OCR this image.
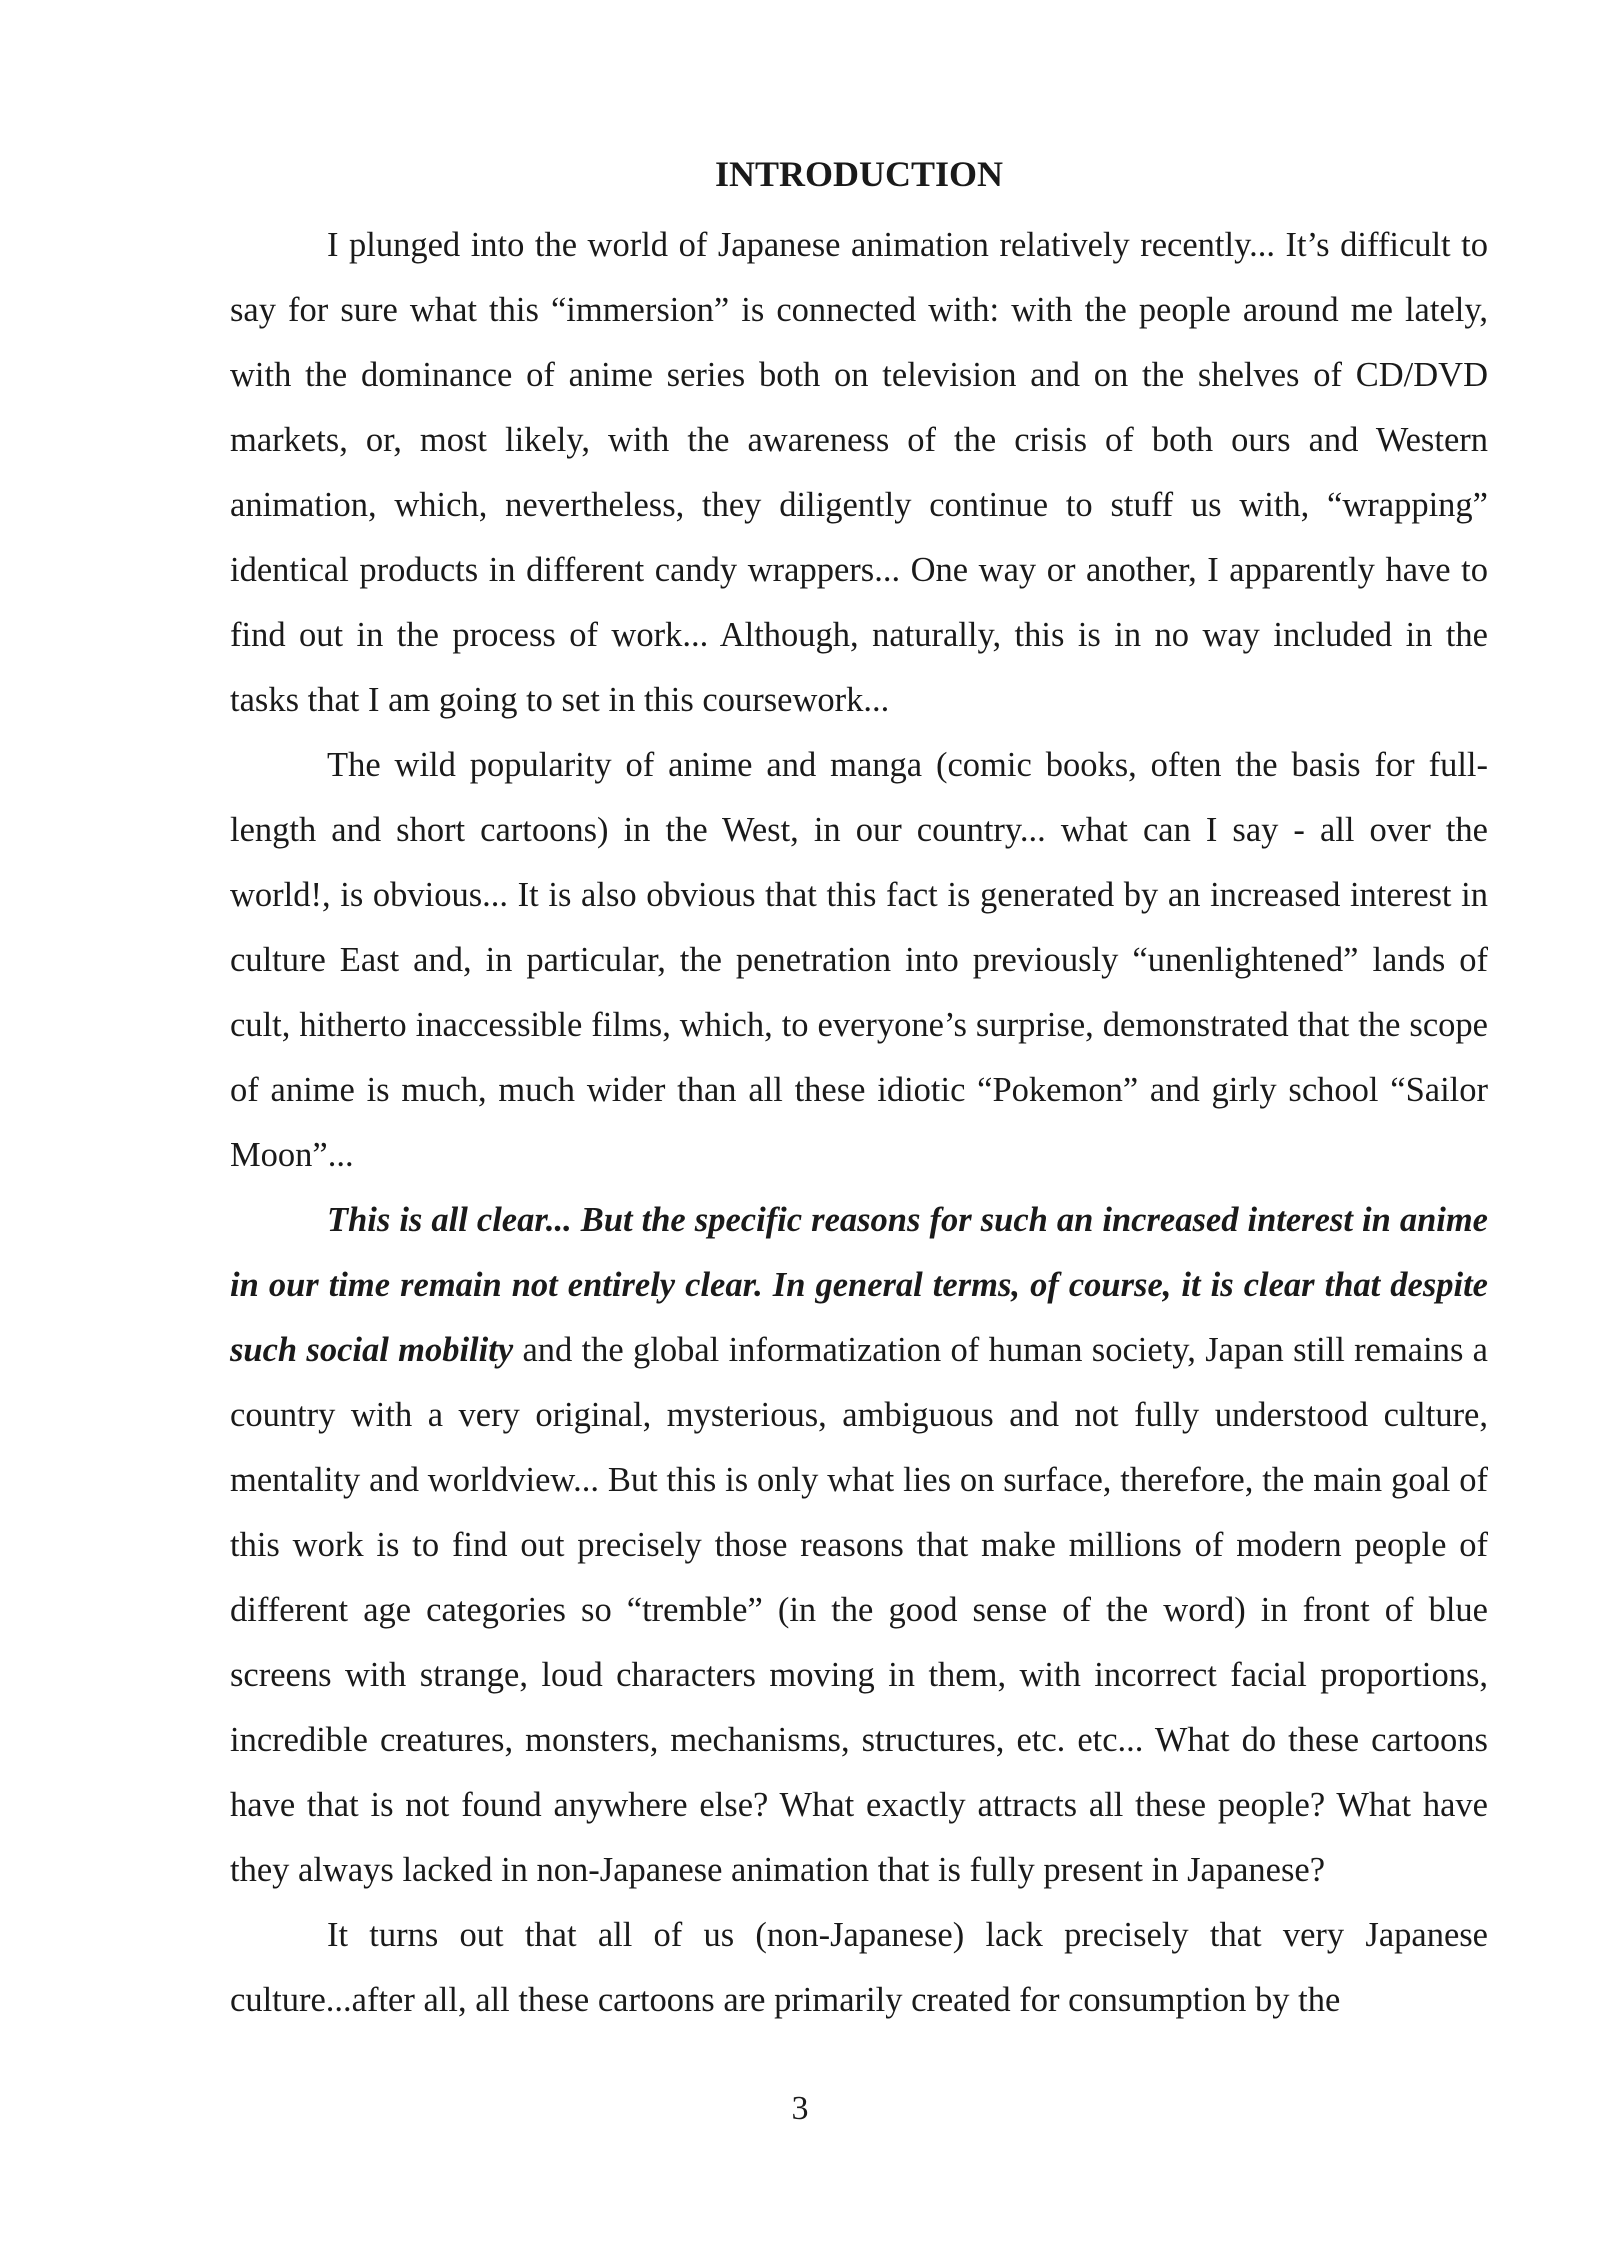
INTRODUCTION

I plunged into the world of Japanese animation relatively recently... It’s difficult to say for sure what this “immersion” is connected with: with the people around me lately, with the dominance of anime series both on television and on the shelves of CD/DVD markets, or, most likely, with the awareness of the crisis of both ours and Western animation, which, nevertheless, they diligently continue to stuff us with, “wrapping” identical products in different candy wrappers... One way or another, I apparently have to find out in the process of work... Although, naturally, this is in no way included in the tasks that I am going to set in this coursework...

The wild popularity of anime and manga (comic books, often the basis for full-length and short cartoons) in the West, in our country... what can I say - all over the world!, is obvious... It is also obvious that this fact is generated by an increased interest in culture East and, in particular, the penetration into previously “unenlightened” lands of cult, hitherto inaccessible films, which, to everyone’s surprise, demonstrated that the scope of anime is much, much wider than all these idiotic “Pokemon” and girly school “Sailor Moon”...

This is all clear... But the specific reasons for such an increased interest in anime in our time remain not entirely clear. In general terms, of course, it is clear that despite such social mobility and the global informatization of human society, Japan still remains a country with a very original, mysterious, ambiguous and not fully understood culture, mentality and worldview... But this is only what lies on surface, therefore, the main goal of this work is to find out precisely those reasons that make millions of modern people of different age categories so “tremble” (in the good sense of the word) in front of blue screens with strange, loud characters moving in them, with incorrect facial proportions, incredible creatures, monsters, mechanisms, structures, etc. etc... What do these cartoons have that is not found anywhere else? What exactly attracts all these people? What have they always lacked in non-Japanese animation that is fully present in Japanese?

It turns out that all of us (non-Japanese) lack precisely that very Japanese culture...after all, all these cartoons are primarily created for consumption by the

3
